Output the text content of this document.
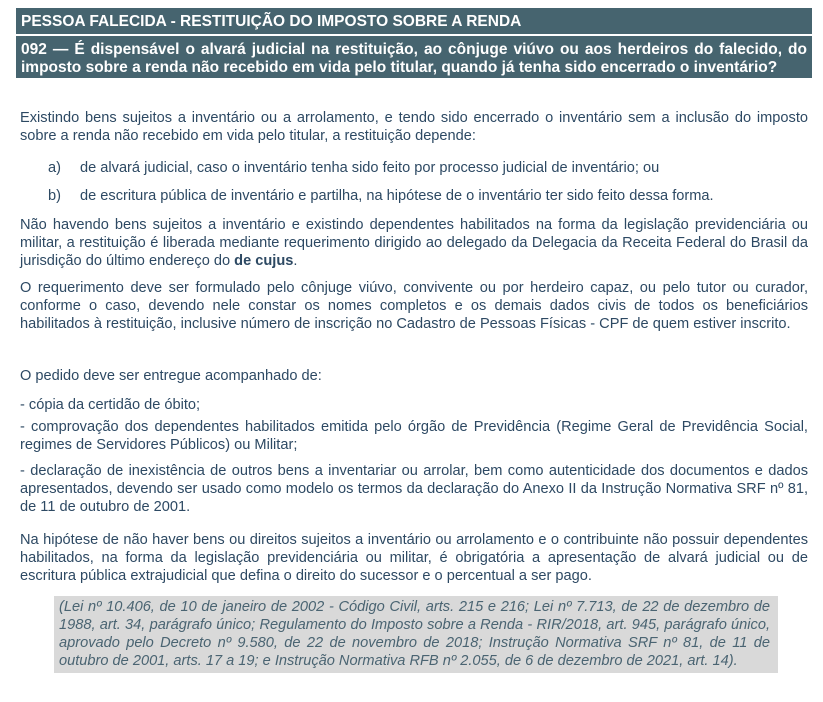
PESSOA FALECIDA - RESTITUIÇÃO DO IMPOSTO SOBRE A RENDA
092 — É dispensável o alvará judicial na restituição, ao cônjuge viúvo ou aos herdeiros do falecido, do imposto sobre a renda não recebido em vida pelo titular, quando já tenha sido encerrado o inventário?
Existindo bens sujeitos a inventário ou a arrolamento, e tendo sido encerrado o inventário sem a inclusão do imposto sobre a renda não recebido em vida pelo titular, a restituição depende:
a) de alvará judicial, caso o inventário tenha sido feito por processo judicial de inventário; ou
b) de escritura pública de inventário e partilha, na hipótese de o inventário ter sido feito dessa forma.
Não havendo bens sujeitos a inventário e existindo dependentes habilitados na forma da legislação previdenciária ou militar, a restituição é liberada mediante requerimento dirigido ao delegado da Delegacia da Receita Federal do Brasil da jurisdição do último endereço do de cujus.
O requerimento deve ser formulado pelo cônjuge viúvo, convivente ou por herdeiro capaz, ou pelo tutor ou curador, conforme o caso, devendo nele constar os nomes completos e os demais dados civis de todos os beneficiários habilitados à restituição, inclusive número de inscrição no Cadastro de Pessoas Físicas - CPF de quem estiver inscrito.
O pedido deve ser entregue acompanhado de:
- cópia da certidão de óbito;
- comprovação dos dependentes habilitados emitida pelo órgão de Previdência (Regime Geral de Previdência Social, regimes de Servidores Públicos) ou Militar;
- declaração de inexistência de outros bens a inventariar ou arrolar, bem como autenticidade dos documentos e dados apresentados, devendo ser usado como modelo os termos da declaração do Anexo II da Instrução Normativa SRF nº 81, de 11 de outubro de 2001.
Na hipótese de não haver bens ou direitos sujeitos a inventário ou arrolamento e o contribuinte não possuir dependentes habilitados, na forma da legislação previdenciária ou militar, é obrigatória a apresentação de alvará judicial ou de escritura pública extrajudicial que defina o direito do sucessor e o percentual a ser pago.
(Lei nº 10.406, de 10 de janeiro de 2002 - Código Civil, arts. 215 e 216; Lei nº 7.713, de 22 de dezembro de 1988, art. 34, parágrafo único; Regulamento do Imposto sobre a Renda - RIR/2018, art. 945, parágrafo único, aprovado pelo Decreto nº 9.580, de 22 de novembro de 2018; Instrução Normativa SRF nº 81, de 11 de outubro de 2001, arts. 17 a 19; e Instrução Normativa RFB nº 2.055, de 6 de dezembro de 2021, art. 14).
